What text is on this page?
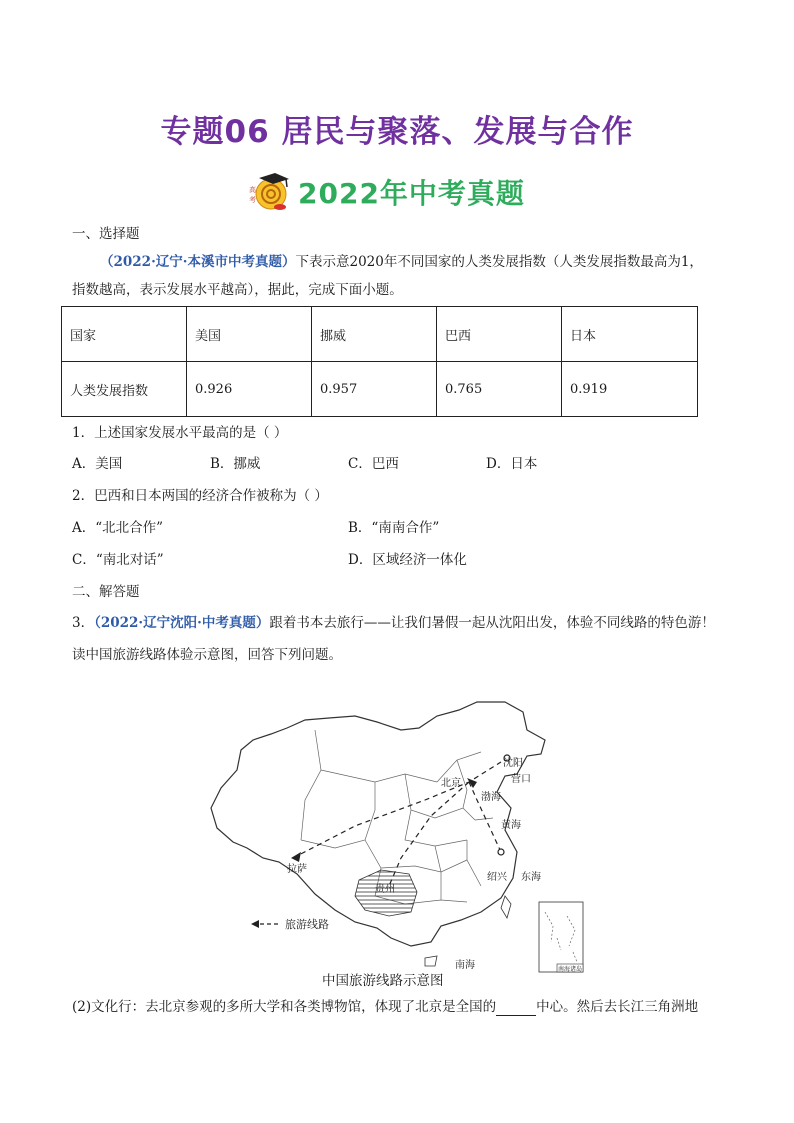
专题06 居民与聚落、发展与合作
高
考 2022年中考真题
一、选择题
（2022·辽宁·本溪市中考真题）下表示意2020年不同国家的人类发展指数（人类发展指数最高为1，
指数越高，表示发展水平越高），据此，完成下面小题。
国家	美国	挪威	巴西	日本
人类发展指数	0.926	0.957	0.765	0.919
1．上述国家发展水平最高的是（ ）
A．美国	B．挪威	C．巴西	D．日本
2．巴西和日本两国的经济合作被称为（ ）
A．“北北合作”	B．“南南合作”
C．“南北对话”	D．区域经济一体化
二、解答题
3．（2022·辽宁沈阳·中考真题）跟着书本去旅行——让我们暑假一起从沈阳出发，体验不同线路的特色游！
读中国旅游线路体验示意图，回答下列问题。
沈阳
北京	营口
渤海
黄海
绍兴 东海
拉萨
贵州
南海
旅游线路
南海诸岛
中国旅游线路示意图
(2)文化行：去北京参观的多所大学和各类博物馆，体现了北京是全国的	中心。然后去长江三角洲地
